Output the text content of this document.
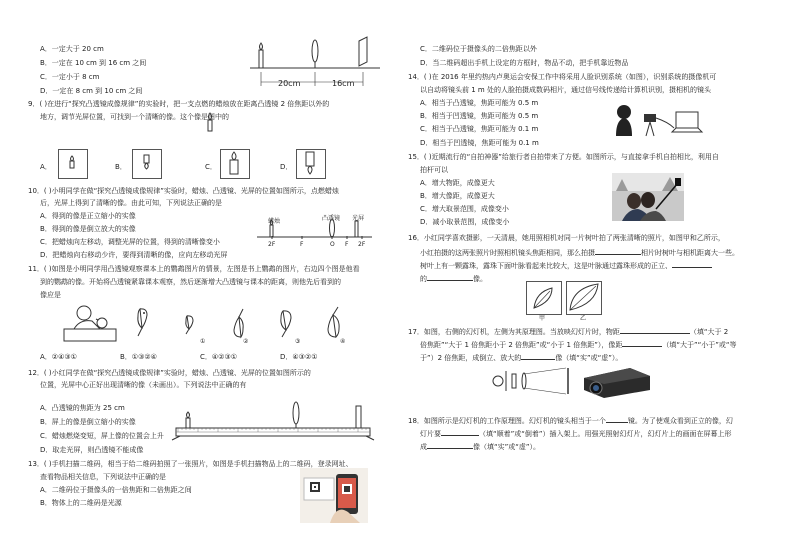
A．一定大于 20 cm
B．一定在 10 cm 到 16 cm 之间
C．一定小于 8 cm
D．一定在 8 cm 到 10 cm 之间
20cm	16cm
9．( )在进行“探究凸透镜成像规律”的实验时，把一支点燃的蜡烛放在距离凸透镜 2 倍焦距以外的
地方，调节光屏位置，可找到一个清晰的像。这个像是图中的
A．	B．	C．	D．
10．( )小明同学在做“探究凸透镜成像规律”实验时，蜡烛、凸透镜、光屏的位置如图所示，点燃蜡烛
后，光屏上得到了清晰的像。由此可知，下列说法正确的是
A．得到的像是正立缩小的实像
B．得到的像是倒立放大的实像
C．把蜡烛向左移动，调整光屏的位置，得到的清晰像变小
D．把蜡烛向右移动少许，要得到清晰的像，应向左移动光屏
蜡烛	凸透镜 光屏
2F	F	O F 2F
11．( )如图是小明同学用凸透镜观察课本上的鹦鹉图片的情景，左图是书上鹦鹉的图片，右边四个图是他看
到的鹦鹉的像。开始将凸透镜紧靠课本观察，然后逐渐增大凸透镜与课本的距离，则他先后看到的
像应是
①	②	③	④
A．②④③①	B．①③②④	C．④②③①	D．④③②①
12．( )小红同学在做“探究凸透镜成像规律”实验时，蜡烛、凸透镜、光屏的位置如图所示的
位置，光屏中心正好出现清晰的像（未画出）。下列说法中正确的有
A．凸透镜的焦距为 25 cm
B．屏上的像是倒立缩小的实像
C．蜡烛燃烧变短，屏上像的位置会上升
D．取走光屏，则凸透镜不能成像
13．( )手机扫描二维码，相当于给二维码拍照了一张照片，如图是手机扫描物品上的二维码，登录网址、
查看物品相关信息，下列说法中正确的是
A．二维码位于摄像头的一倍焦距和二倍焦距之间
B．物体上的二维码是光源
C．二维码位于摄像头的二倍焦距以外
D．当二维码超出手机上设定的方框时，物品不动，把手机靠近物品
14．( )在 2016 年里约热内卢奥运会安保工作中将采用人脸识别系统（如图），识别系统的摄像机可
以自动将镜头前 1 m 处的人脸拍摄成数码相片，通过信号线传递给计算机识别，摄相机的镜头
A．相当于凸透镜，焦距可能为 0.5 m
B．相当于凹透镜，焦距可能为 0.5 m
C．相当于凸透镜，焦距可能为 0.1 m
D．相当于凹透镜，焦距可能为 0.1 m
15．( )近期流行的“自拍神器”给旅行者自拍带来了方便。如图所示，与直接拿手机自拍相比，利用自
拍杆可以
A．增大物距，成像更大
B．增大像距，成像更大
C．增大取景范围，成像变小
D．减小取景范围，成像变小
16．小红同学喜欢摄影，一天清晨，她用照相机对同一片树叶拍了两张清晰的照片，如图甲和乙所示，
小红拍摄的这两张照片时照相机镜头焦距相同，那么拍摄	相片时树叶与相机距离大一些。
树叶上有一颗露珠，露珠下面叶脉看起来比较大，这是叶脉通过露珠形成的正立、
的	像。
甲	乙
17．如图，右侧的幻灯机，左侧为其原理图。当放映幻灯片时，物距	（填“大于 2
倍焦距”“大于 1 倍焦距小于 2 倍焦距”或“小于 1 倍焦距”），像距	（填“大于”“小于”或“等
于”）2 倍焦距，成倒立、放大的	像（填“实”或“虚”）。
18．如图所示是幻灯机的工作原理图。幻灯机的镜头相当于一个	镜。为了使观众看到正立的像，幻
灯片要	（填“顺着”或“倒着”）插入架上。用强光照射幻灯片，幻灯片上的画面在屏幕上形
成	像（填“实”或“虚”）。
